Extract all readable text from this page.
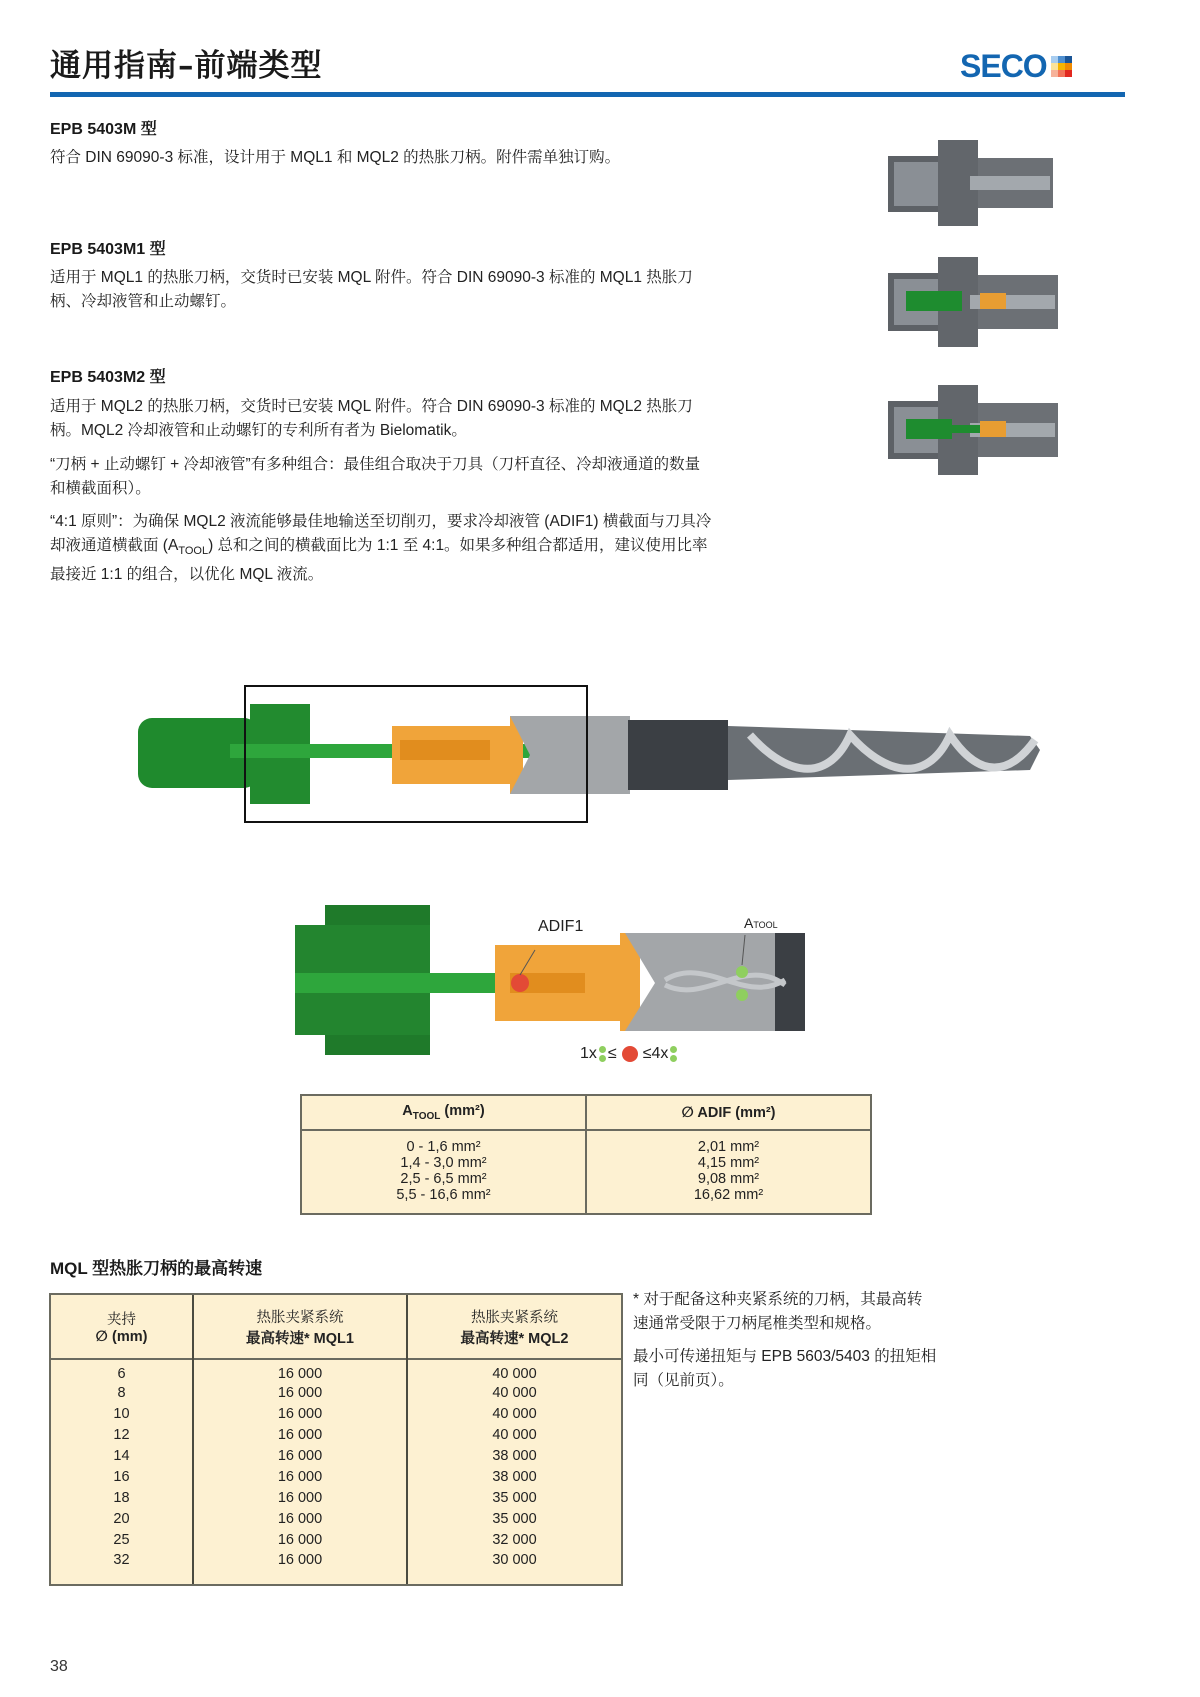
通用指南–前端类型	SECO
EPB 5403M 型
符合 DIN 69090-3 标准，设计用于 MQL1 和 MQL2 的热胀刀柄。附件需单独订购。
EPB 5403M1 型
适用于 MQL1 的热胀刀柄，交货时已安装 MQL 附件。符合 DIN 69090-3 标准的 MQL1 热胀刀
柄、冷却液管和止动螺钉。
EPB 5403M2 型
适用于 MQL2 的热胀刀柄，交货时已安装 MQL 附件。符合 DIN 69090-3 标准的 MQL2 热胀刀
柄。MQL2 冷却液管和止动螺钉的专利所有者为 Bielomatik。
“刀柄 + 止动螺钉 + 冷却液管”有多种组合：最佳组合取决于刀具（刀杆直径、冷却液通道的数量
和横截面积）。
“4:1 原则”：为确保 MQL2 液流能够最佳地输送至切削刃，要求冷却液管 (ADIF1) 横截面与刀具冷
却液通道横截面 $(A_{TOOL})$ 总和之间的横截面比为 1:1 至 4:1。如果多种组合都适用，建议使用比率
最接近 1:1 的组合，以优化 MQL 液流。
ADIF1	ATOOL
1x ≤ ≤4x
$A_{TOOL}$ (mm²)	∅ ADIF (mm²)
0 - 1,6 mm²	2,01 mm²
1,4 - 3,0 mm²	4,15 mm²
2,5 - 6,5 mm²	9,08 mm²
5,5 - 16,6 mm²	16,62 mm²
MQL 型热胀刀柄的最高转速
夹持
∅ (mm)

热胀夹紧系统
最高转速* MQL1

热胀夹紧系统
最高转速* MQL2

6	16 000	40 000
8	16 000	40 000
10	16 000	40 000
12	16 000	40 000
14	16 000	38 000
16	16 000	38 000
18	16 000	35 000
20	16 000	35 000
25	16 000	32 000
32	16 000	30 000
* 对于配备这种夹紧系统的刀柄，其最高转
速通常受限于刀柄尾椎类型和规格。
最小可传递扭矩与 EPB 5603/5403 的扭矩相
同（见前页）。
38
